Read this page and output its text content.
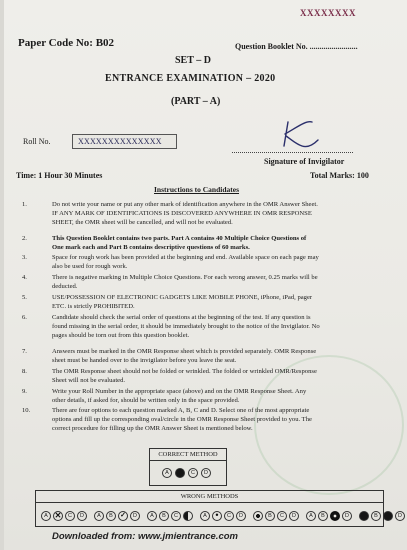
XXXXXXXX
Paper Code No: B02	Question Booklet No. ........................
SET – D
ENTRANCE EXAMINATION – 2020
(PART – A)
Roll No.	XXXXXXXXXXXXXX
Signature of Invigilator
Time: 1 Hour 30 Minutes	Total Marks: 100
Instructions to Candidates
1.	Do not write your name or put any other mark of identification anywhere in the OMR Answer Sheet.
IF ANY MARK OF IDENTIFICATIONS IS DISCOVERED ANYWHERE IN OMR RESPONSE
SHEET, the OMR sheet will be cancelled, and will not be evaluated.
2.	This Question Booklet contains two parts. Part A contains 40 Multiple Choice Questions of
One mark each and Part B contains descriptive questions of 60 marks.
3.	Space for rough work has been provided at the beginning and end. Available space on each page may
also be used for rough work.
4.	There is negative marking in Multiple Choice Questions. For each wrong answer, 0.25 marks will be
deducted.
5.	USE/POSSESSION OF ELECTRONIC GADGETS LIKE MOBILE PHONE, iPhone, iPad, pager
ETC. is strictly PROHIBITED.
6.	Candidate should check the serial order of questions at the beginning of the test. If any question is
found missing in the serial order, it should be immediately brought to the notice of the Invigilator. No
pages should be torn out from this question booklet.
7.	Answers must be marked in the OMR Response sheet which is provided separately. OMR Response
sheet must be handed over to the invigilator before you leave the seat.
8.	The OMR Response sheet should not be folded or wrinkled. The folded or wrinkled OMR/Response
Sheet will not be evaluated.
9.	Write your Roll Number in the appropriate space (above) and on the OMR Response Sheet. Any
other details, if asked for, should be written only in the space provided.
10.	There are four options to each question marked A, B, C and D. Select one of the most appropriate
options and fill up the corresponding oval/circle in the OMR Response Sheet provided to you. The
correct procedure for filling up the OMR Answer Sheet is mentioned below.
CORRECT METHOD
A	B	C	D
WRONG METHODS
A ✕	C	D	A	B	✓	D	A	B	C	A •	C	D	B	C	D	A	B	D	B	D
Downloaded from: www.jmientrance.com
